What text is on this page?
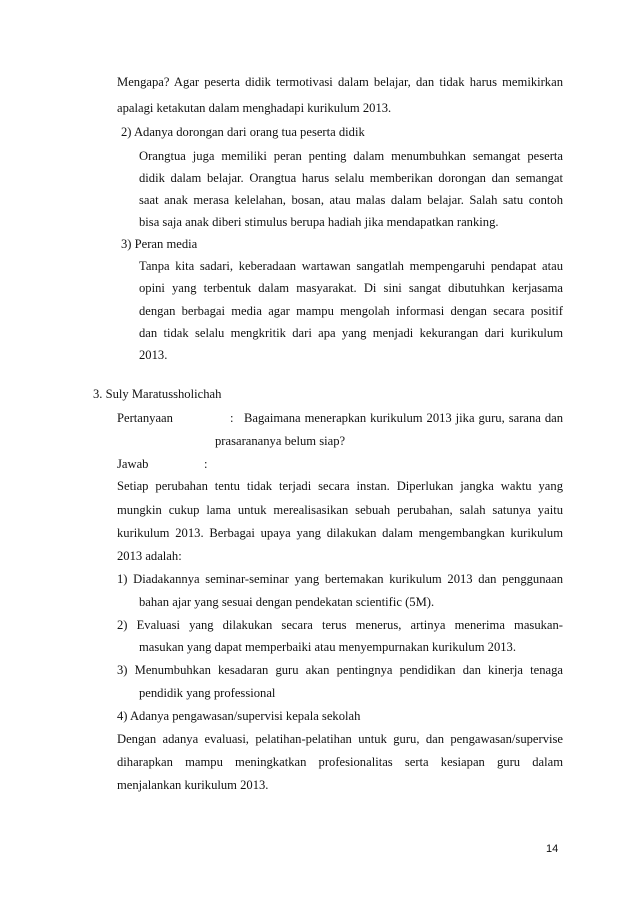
Mengapa? Agar peserta didik termotivasi dalam belajar, dan tidak harus memikirkan
apalagi ketakutan dalam menghadapi kurikulum 2013.
2) Adanya dorongan dari orang tua peserta didik
Orangtua juga memiliki peran penting dalam menumbuhkan semangat peserta
didik dalam belajar. Orangtua harus selalu memberikan dorongan dan semangat
saat anak merasa kelelahan, bosan, atau malas dalam belajar. Salah satu contoh
bisa saja anak diberi stimulus berupa hadiah jika mendapatkan ranking.
3) Peran media
Tanpa kita sadari, keberadaan wartawan sangatlah mempengaruhi pendapat atau
opini yang terbentuk dalam masyarakat. Di sini sangat dibutuhkan kerjasama
dengan berbagai media agar mampu mengolah informasi dengan secara positif
dan tidak selalu mengkritik dari apa yang menjadi kekurangan dari kurikulum
2013.
3. Suly Maratussholichah
Pertanyaan	: Bagaimana menerapkan kurikulum 2013 jika guru, sarana dan
prasarananya belum siap?
Jawab	:
Setiap perubahan tentu tidak terjadi secara instan. Diperlukan jangka waktu yang
mungkin cukup lama untuk merealisasikan sebuah perubahan, salah satunya yaitu
kurikulum 2013. Berbagai upaya yang dilakukan dalam mengembangkan kurikulum
2013 adalah:
1) Diadakannya seminar-seminar yang bertemakan kurikulum 2013 dan penggunaan
bahan ajar yang sesuai dengan pendekatan scientific (5M).
2) Evaluasi yang dilakukan secara terus menerus, artinya menerima masukan-
masukan yang dapat memperbaiki atau menyempurnakan kurikulum 2013.
3) Menumbuhkan kesadaran guru akan pentingnya pendidikan dan kinerja tenaga
pendidik yang professional
4) Adanya pengawasan/supervisi kepala sekolah
Dengan adanya evaluasi, pelatihan-pelatihan untuk guru, dan pengawasan/supervise
diharapkan mampu meningkatkan profesionalitas serta kesiapan guru dalam
menjalankan kurikulum 2013.
14
